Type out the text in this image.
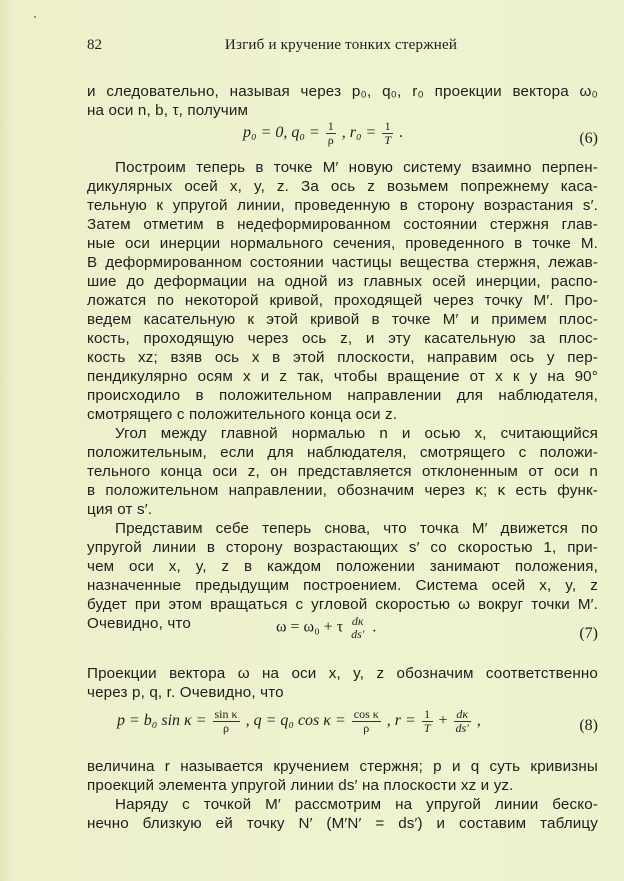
82	Изгиб и кручение тонких стержней
и следовательно, называя через p₀, q₀, r₀ проекции вектора ω₀
на оси n, b, τ, получим
p₀ = 0, $q_0 = \frac{1}{\rho}$ , $r_0 = \frac{1}{T}$ .	(6)
Построим теперь в точке M′ новую систему взаимно перпен-
дикулярных осей x, y, z. За ось z возьмем попрежнему каса-
тельную к упругой линии, проведенную в сторону возрастания s′.
Затем отметим в недеформированном состоянии стержня глав-
ные оси инерции нормального сечения, проведенного в точке M.
В деформированном состоянии частицы вещества стержня, лежав-
шие до деформации на одной из главных осей инерции, распо-
ложатся по некоторой кривой, проходящей через точку M′. Про-
ведем касательную к этой кривой в точке M′ и примем плос-
кость, проходящую через ось z, и эту касательную за плос-
кость xz; взяв ось x в этой плоскости, направим ось y пер-
пендикулярно осям x и z так, чтобы вращение от x к y на 90°
происходило в положительном направлении для наблюдателя,
смотрящего с положительного конца оси z.
Угол между главной нормалью n и осью x, считающийся
положительным, если для наблюдателя, смотрящего с положи-
тельного конца оси z, он представляется отклоненным от оси n
в положительном направлении, обозначим через κ; κ есть функ-
ция от s′.
Представим себе теперь снова, что точка M′ движется по
упругой линии в сторону возрастающих s′ со скоростью 1, при-
чем оси x, y, z в каждом положении занимают положения,
назначенные предыдущим построением. Система осей x, y, z
будет при этом вращаться с угловой скоростью ω вокруг точки M′.
Очевидно, что	ω = ω₀ + τ dκ
ds′ .	(7)
Проекции вектора ω на оси x, y, z обозначим соответственно
через p, q, r. Очевидно, что
p = b₀ $\sin \kappa = \frac{\text{sin κ}}{\rho}$ , q = q₀ $\cos \kappa = \frac{\text{cos κ}}{\rho}$ , $r = \frac{1}{T} + \frac{d\kappa}{ds'}$ ,	(8)
величина r называется кручением стержня; p и q суть кривизны
проекций элемента упругой линии ds′ на плоскости xz и yz.
Наряду с точкой M′ рассмотрим на упругой линии беско-
нечно близкую ей точку N′ (M′N′ = ds′) и составим таблицу
